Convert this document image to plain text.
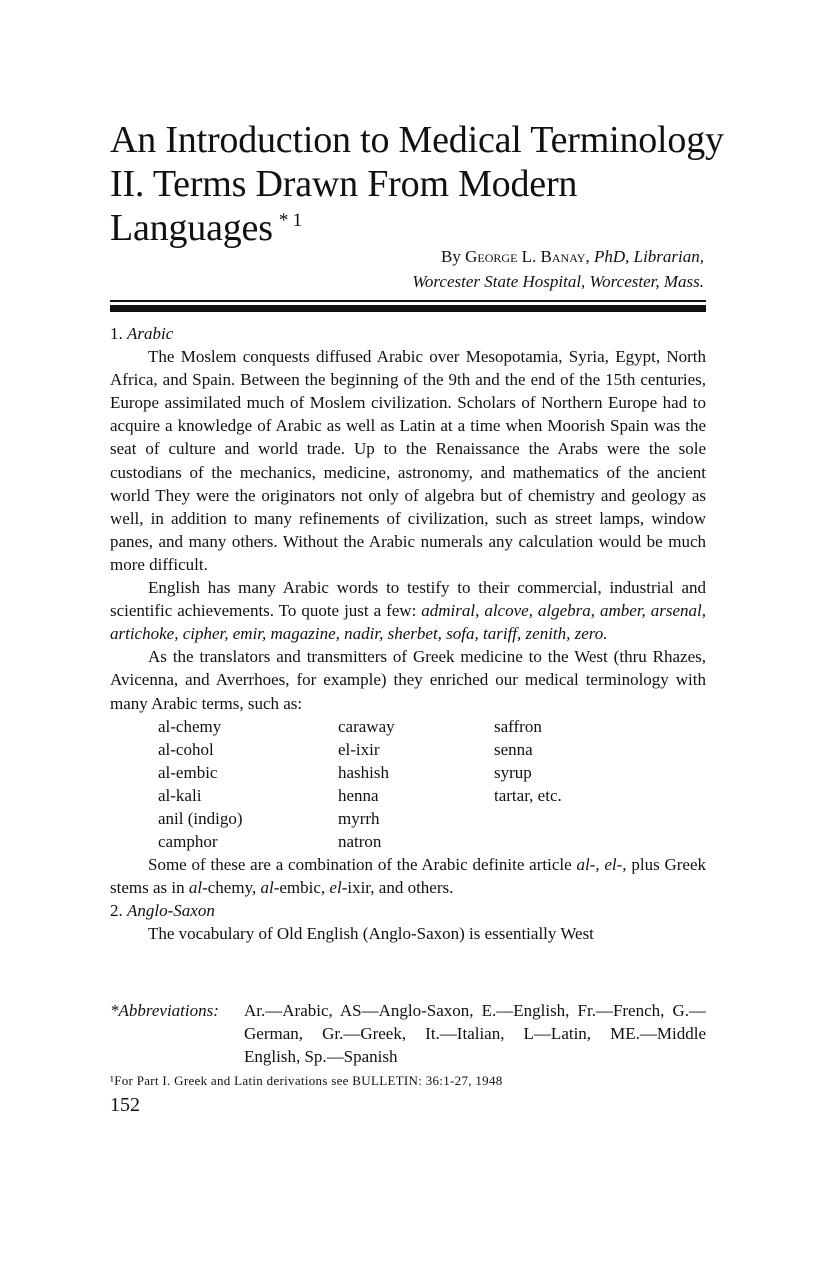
An Introduction to Medical Terminology
II. Terms Drawn From Modern
Languages $^{* 1}$
By George L. Banay, PhD, Librarian,
Worcester State Hospital, Worcester, Mass.
1. Arabic

The Moslem conquests diffused Arabic over Mesopotamia, Syria, Egypt, North Africa, and Spain. Between the beginning of the 9th and the end of the 15th centuries, Europe assimilated much of Moslem civilization. Scholars of Northern Europe had to acquire a knowledge of Arabic as well as Latin at a time when Moorish Spain was the seat of culture and world trade. Up to the Renaissance the Arabs were the sole custodians of the mechanics, medicine, astronomy, and mathematics of the ancient world They were the originators not only of algebra but of chemistry and geology as well, in addition to many refinements of civilization, such as street lamps, window panes, and many others. Without the Arabic numerals any calculation would be much more difficult.

English has many Arabic words to testify to their commercial, industrial and scientific achievements. To quote just a few: admiral, alcove, algebra, amber, arsenal, artichoke, cipher, emir, magazine, nadir, sherbet, sofa, tariff, zenith, zero.

As the translators and transmitters of Greek medicine to the West (thru Rhazes, Avicenna, and Averrhoes, for example) they enriched our medical terminology with many Arabic terms, such as:

al-chemy	caraway	saffron
al-cohol	el-ixir	senna
al-embic	hashish	syrup
al-kali	henna	tartar, etc.
anil (indigo)	myrrh
camphor	natron

Some of these are a combination of the Arabic definite article al-, el-, plus Greek stems as in al-chemy, al-embic, el-ixir, and others.

2. Anglo-Saxon

The vocabulary of Old English (Anglo-Saxon) is essentially West

*Abbreviations: Ar.—Arabic, AS—Anglo-Saxon, E.—English, Fr.—French, G.—German, Gr.—Greek, It.—Italian, L—Latin, ME.—Middle English, Sp.—Spanish
¹For Part I. Greek and Latin derivations see BULLETIN: 36:1-27, 1948
152
